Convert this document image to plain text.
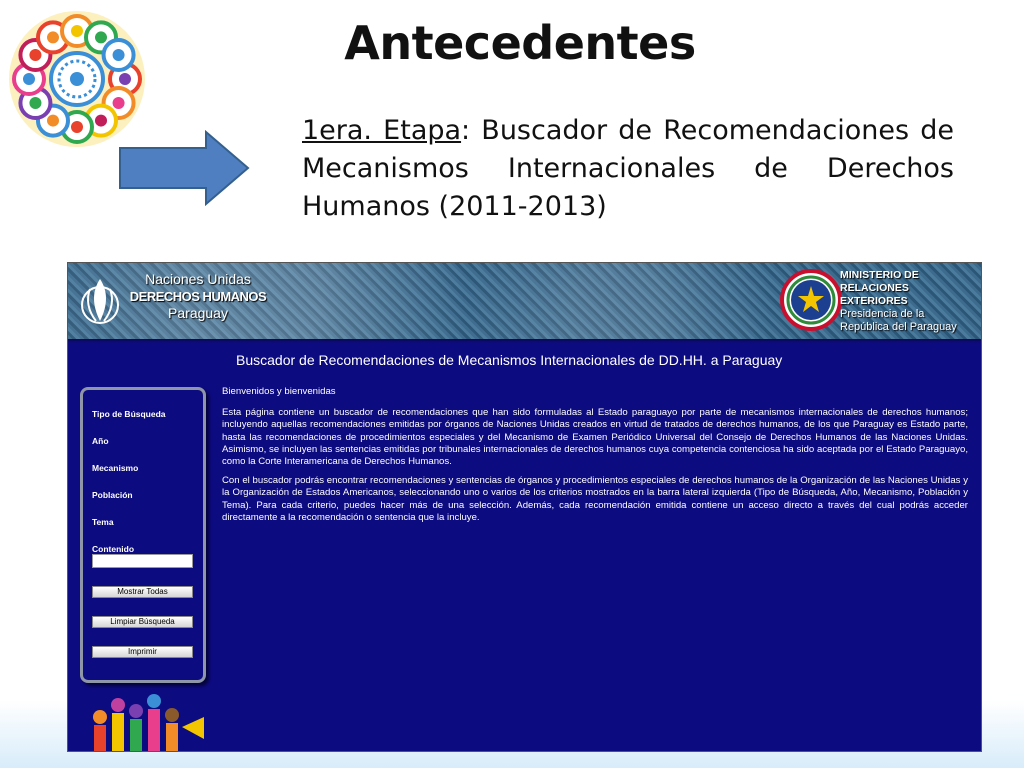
Antecedentes
1era. Etapa: Buscador de Recomendaciones de Mecanismos Internacionales de Derechos Humanos (2011-2013)
Naciones Unidas
DERECHOS HUMANOS
Paraguay
MINISTERIO DE
RELACIONES EXTERIORES
Presidencia de la
República del Paraguay
Buscador de Recomendaciones de Mecanismos Internacionales de DD.HH. a Paraguay
Tipo de Búsqueda
Año
Mecanismo
Población
Tema
Contenido
Mostrar Todas
Limpiar Búsqueda
Imprimir

Bienvenidos y bienvenidas

Esta página contiene un buscador de recomendaciones que han sido formuladas al Estado paraguayo por parte de mecanismos internacionales de derechos humanos; incluyendo aquellas recomendaciones emitidas por órganos de Naciones Unidas creados en virtud de tratados de derechos humanos, de los que Paraguay es Estado parte, hasta las recomendaciones de procedimientos especiales y del Mecanismo de Examen Periódico Universal del Consejo de Derechos Humanos de las Naciones Unidas. Asimismo, se incluyen las sentencias emitidas por tribunales internacionales de derechos humanos cuya competencia contenciosa ha sido aceptada por el Estado Paraguayo, como la Corte Interamericana de Derechos Humanos.

Con el buscador podrás encontrar recomendaciones y sentencias de órganos y procedimientos especiales de derechos humanos de la Organización de las Naciones Unidas y la Organización de Estados Americanos, seleccionando uno o varios de los criterios mostrados en la barra lateral izquierda (Tipo de Búsqueda, Año, Mecanismo, Población y Tema). Para cada criterio, puedes hacer más de una selección. Además, cada recomendación emitida contiene un acceso directo a través del cual podrás acceder directamente a la recomendación o sentencia que la incluye.
